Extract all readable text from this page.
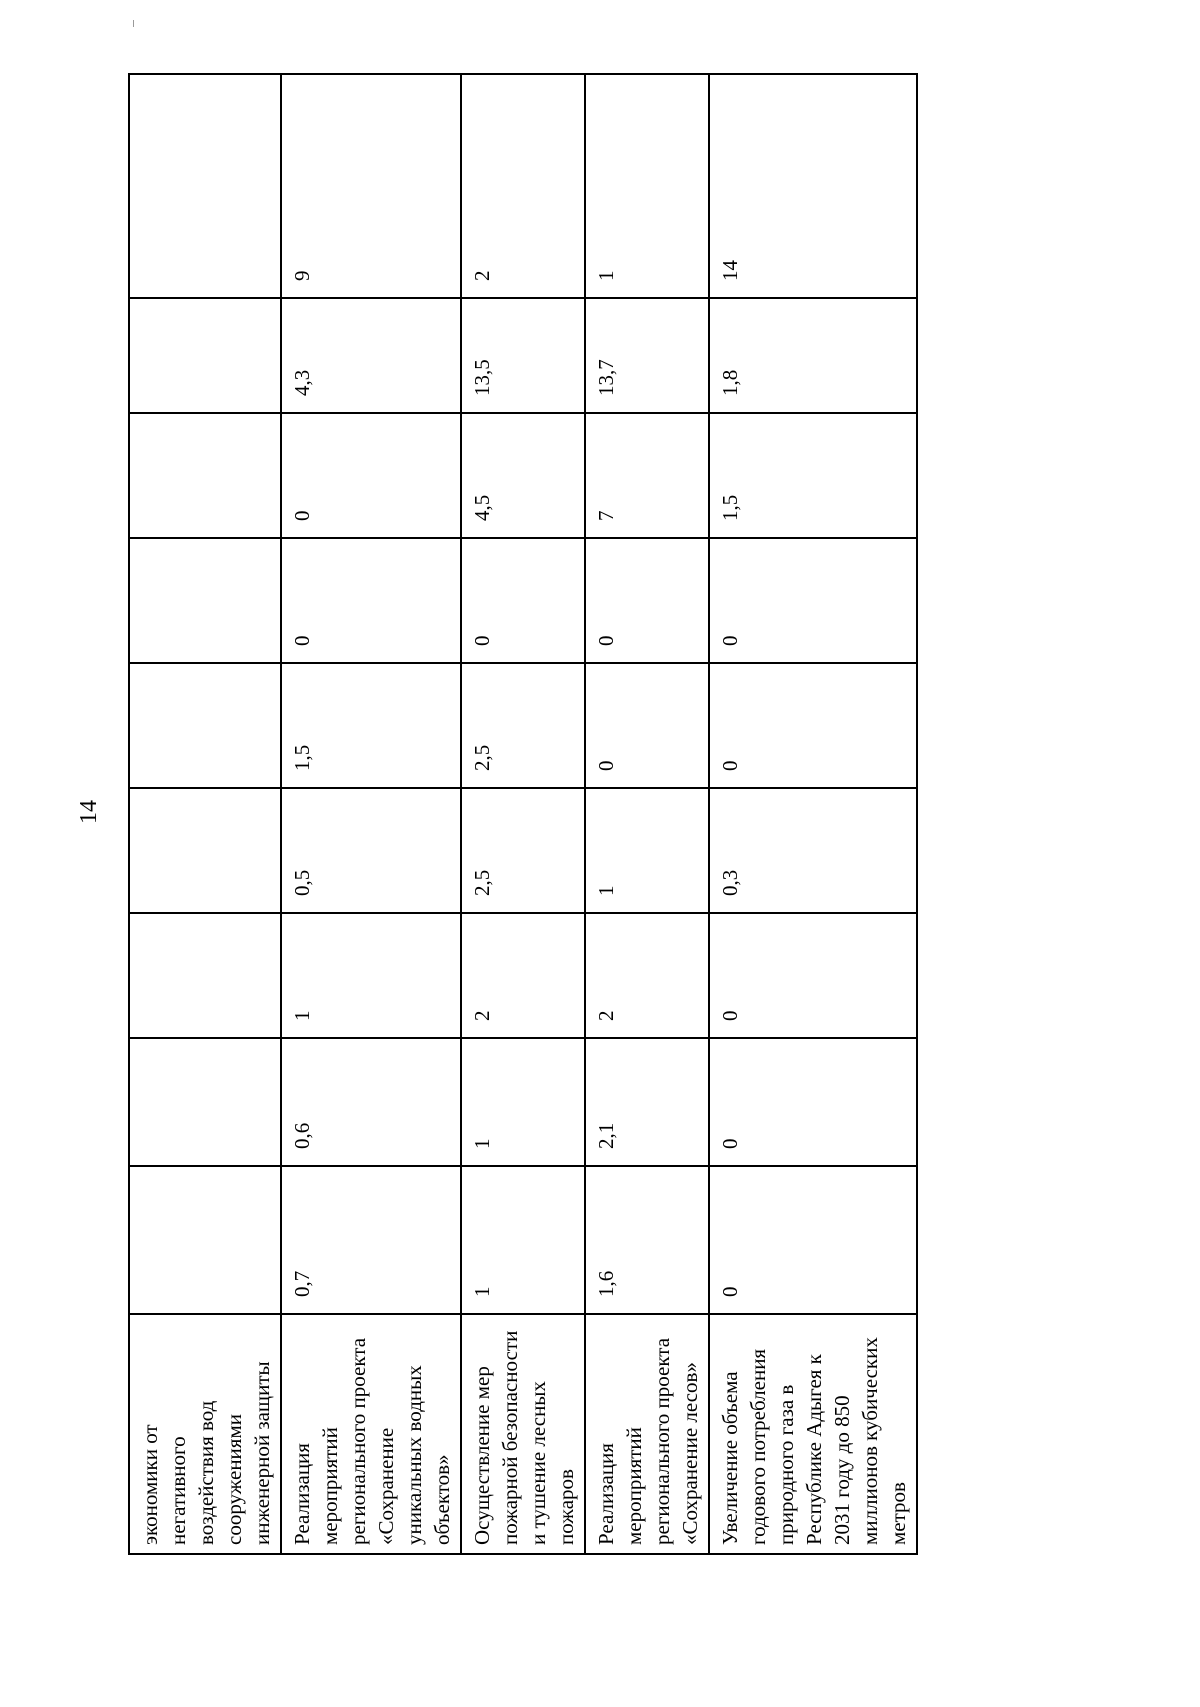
14
экономики от негативного воздействия вод сооружениями инженерной защиты									
Реализация мероприятий регионального проекта «Сохранение уникальных водных объектов»	0,7	0,6	1	0,5	1,5	0	0	4,3	9
Осуществление мер пожарной безопасности и тушение лесных пожаров	1	1	2	2,5	2,5	0	4,5	13,5	2
Реализация мероприятий регионального проекта «Сохранение лесов»	1,6	2,1	2	1	0	0	7	13,7	1
Увеличение объема годового потребления природного газа в Республике Адыгея к 2031 году до 850 миллионов кубических метров	0	0	0	0,3	0	0	1,5	1,8	14
